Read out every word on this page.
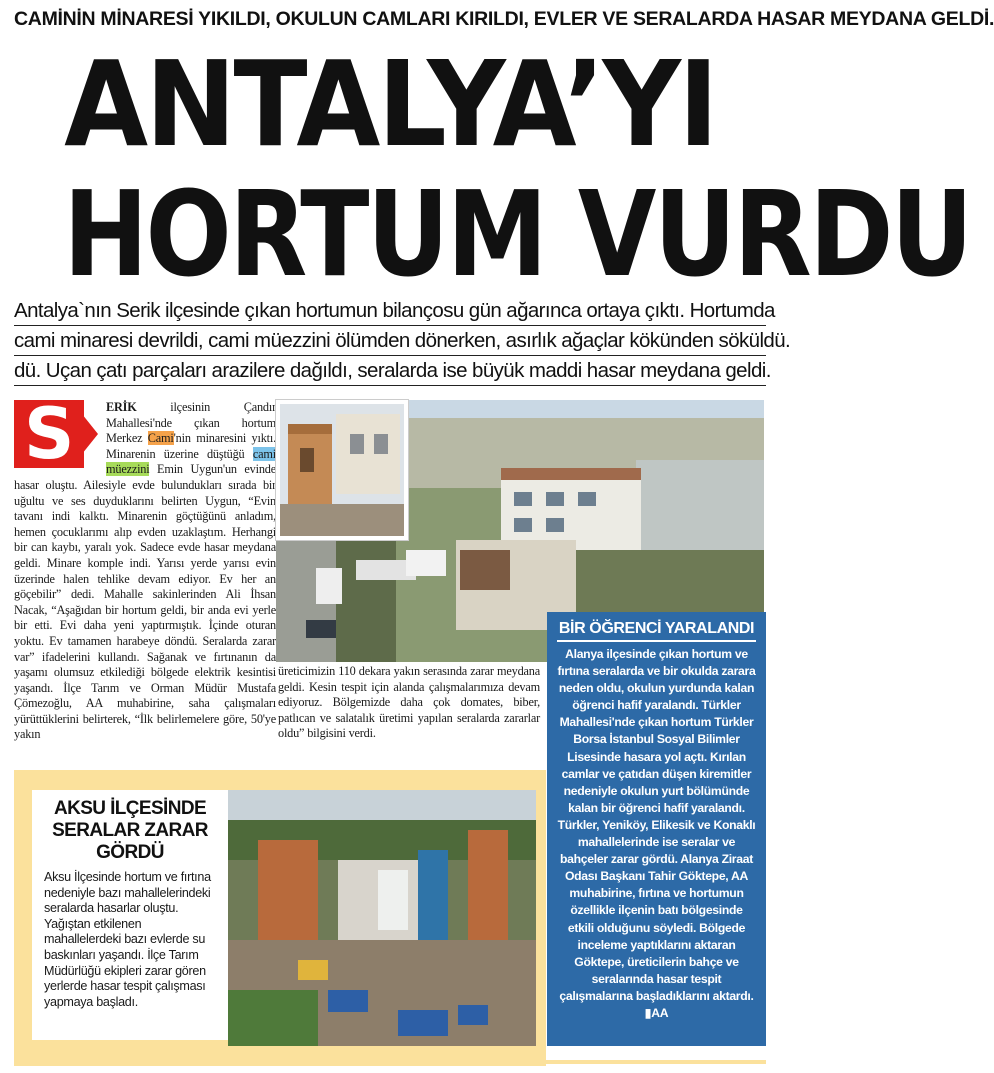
CAMİNİN MİNARESİ YIKILDI, OKULUN CAMLARI KIRILDI, EVLER VE SERALARDA HASAR MEYDANA GELDİ.
ANTALYA’YI
HORTUM VURDU
Antalya`nın Serik ilçesinde çıkan hortumun bilançosu gün ağarınca ortaya çıktı. Hortumda
cami minaresi devrildi, cami müezzini ölümden dönerken, asırlık ağaçlar kökünden söküldü.
dü. Uçan çatı parçaları arazilere dağıldı, seralarda ise büyük maddi hasar meydana geldi.
S	ERİK ilçesinin Çandır Mahallesi'nde çıkan hortum Merkez Cami'nin minaresini yıktı. Minarenin üzerine düştüğü cami müezzini Emin Uygun'un evinde hasar oluştu. Ailesiyle evde bulundukları sırada bir uğultu ve ses duyduklarını belirten Uygun, “Evin tavanı indi kalktı. Minarenin göçtüğünü anladım, hemen çocuklarımı alıp evden uzaklaştım. Herhangi bir can kaybı, yaralı yok. Sadece evde hasar meydana geldi. Minare komple indi. Yarısı yerde yarısı evin üzerinde halen tehlike devam ediyor. Ev her an göçebilir” dedi. Mahalle sakinlerinden Ali İhsan Nacak, “Aşağıdan bir hortum geldi, bir anda evi yerle bir etti. Evi daha yeni yaptırmıştık. İçinde oturan yoktu. Ev tamamen harabeye döndü. Seralarda zarar var” ifadelerini kullandı. Sağanak ve fırtınanın da yaşamı olumsuz etkilediği bölgede elektrik kesintisi yaşandı. İlçe Tarım ve Orman Müdür Mustafa Çömezoğlu, AA muhabirine, saha çalışmaları yürüttüklerini belirterek, “İlk belirlemelere göre, 50'ye yakın
üreticimizin 110 dekara yakın serasında zarar meydana geldi. Kesin tespit için alanda çalışmalarımıza devam ediyoruz. Bölgemizde daha çok domates, biber, patlıcan ve salatalık üretimi yapılan seralarda zararlar oldu” bilgisini verdi.
BİR ÖĞRENCİ YARALANDI

Alanya ilçesinde çıkan hortum ve fırtına seralarda ve bir okulda zarara neden oldu, okulun yurdunda kalan öğrenci hafif yaralandı. Türkler Mahallesi'nde çıkan hortum Türkler Borsa İstanbul Sosyal Bilimler Lisesinde hasara yol açtı. Kırılan camlar ve çatıdan düşen kiremitler nedeniyle okulun yurt bölümünde kalan bir öğrenci hafif yaralandı. Türkler, Yeniköy, Elikesik ve Konaklı mahallelerinde ise seralar ve bahçeler zarar gördü. Alanya Ziraat Odası Başkanı Tahir Göktepe, AA muhabirine, fırtına ve hortumun özellikle ilçenin batı bölgesinde etkili olduğunu söyledi. Bölgede inceleme yaptıklarını aktaran Göktepe, üreticilerin bahçe ve seralarında hasar tespit çalışmalarına başladıklarını aktardı. ▮AA

AKSU İLÇESİNDE SERALAR ZARAR GÖRDÜ

Aksu İlçesinde hortum ve fırtına nedeniyle bazı mahallelerindeki seralarda hasarlar oluştu. Yağıştan etkilenen mahallelerdeki bazı evlerde su baskınları yaşandı. İlçe Tarım Müdürlüğü ekipleri zarar gören yerlerde hasar tespit çalışması yapmaya başladı.
